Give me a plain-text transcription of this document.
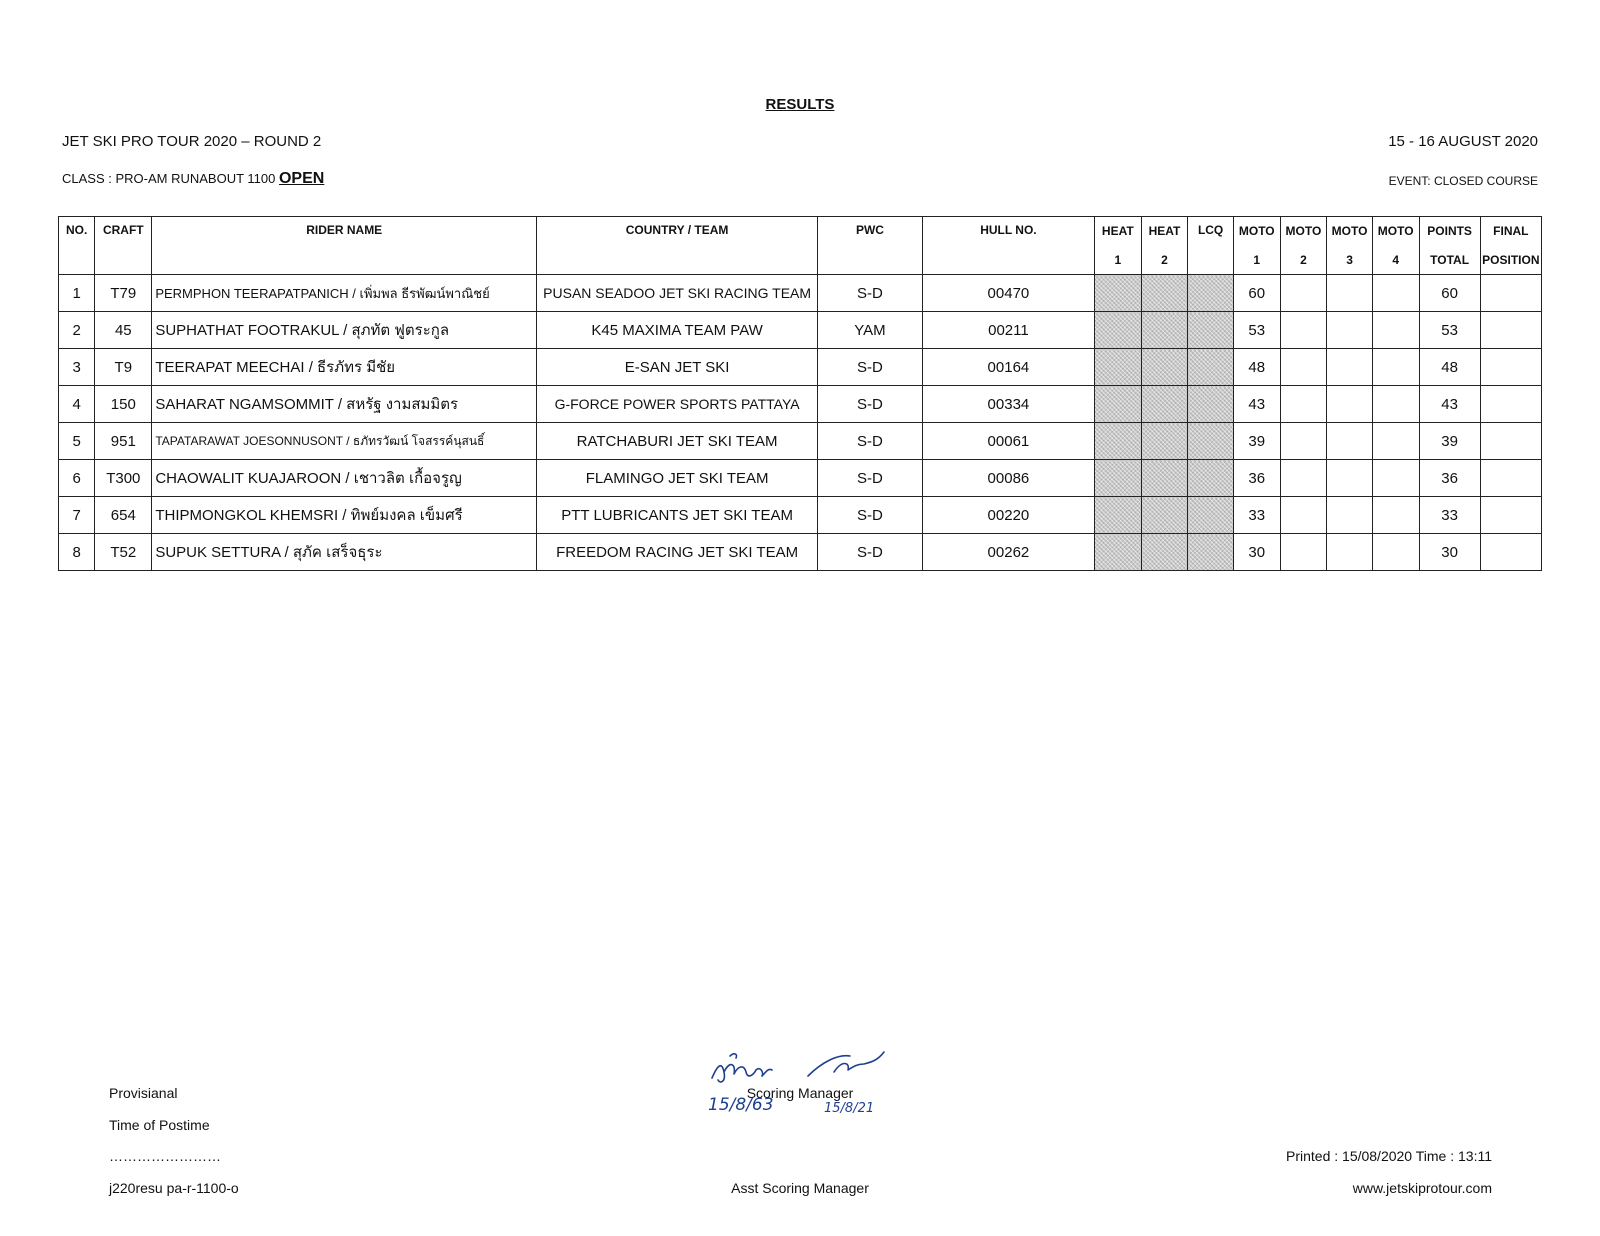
RESULTS
JET SKI PRO TOUR 2020 – ROUND 2	15 - 16 AUGUST 2020
CLASS : PRO-AM RUNABOUT 1100 OPEN	EVENT: CLOSED COURSE
NO.	CRAFT	RIDER NAME	COUNTRY / TEAM	PWC	HULL NO.	HEAT	HEAT	LCQ	MOTO	MOTO	MOTO	MOTO	POINTS	FINAL
						1	2		1	2	3	4	TOTAL	POSITION
1	T79	PERMPHON TEERAPATPANICH / เพิ่มพล ธีรพัฒน์พาณิชย์	PUSAN SEADOO JET SKI RACING TEAM	S-D	00470				60				60	
2	45	SUPHATHAT FOOTRAKUL / สุภทัต ฟูตระกูล	K45 MAXIMA TEAM PAW	YAM	00211				53				53	
3	T9	TEERAPAT MEECHAI / ธีรภัทร มีชัย	E-SAN JET SKI	S-D	00164				48				48	
4	150	SAHARAT NGAMSOMMIT / สหรัฐ งามสมมิตร	G-FORCE POWER SPORTS PATTAYA	S-D	00334				43				43	
5	951	TAPATARAWAT JOESONNUSONT / ธภัทรวัฒน์ โจสรรค์นุสนธิ์	RATCHABURI JET SKI TEAM	S-D	00061				39				39	
6	T300	CHAOWALIT KUAJAROON / เชาวลิต เกื้อจรูญ	FLAMINGO JET SKI TEAM	S-D	00086				36				36	
7	654	THIPMONGKOL KHEMSRI / ทิพย์มงคล เข็มศรี	PTT LUBRICANTS JET SKI TEAM	S-D	00220				33				33	
8	T52	SUPUK SETTURA / สุภัค เสร็จธุระ	FREEDOM RACING JET SKI TEAM	S-D	00262				30				30	
Provisianal
Time of Postime
……………………
j220resu pa-r-1100-o
Scoring Manager
Asst Scoring Manager
Printed : 15/08/2020 Time : 13:11
www.jetskiprotour.com
15/8/63	15/8/21
